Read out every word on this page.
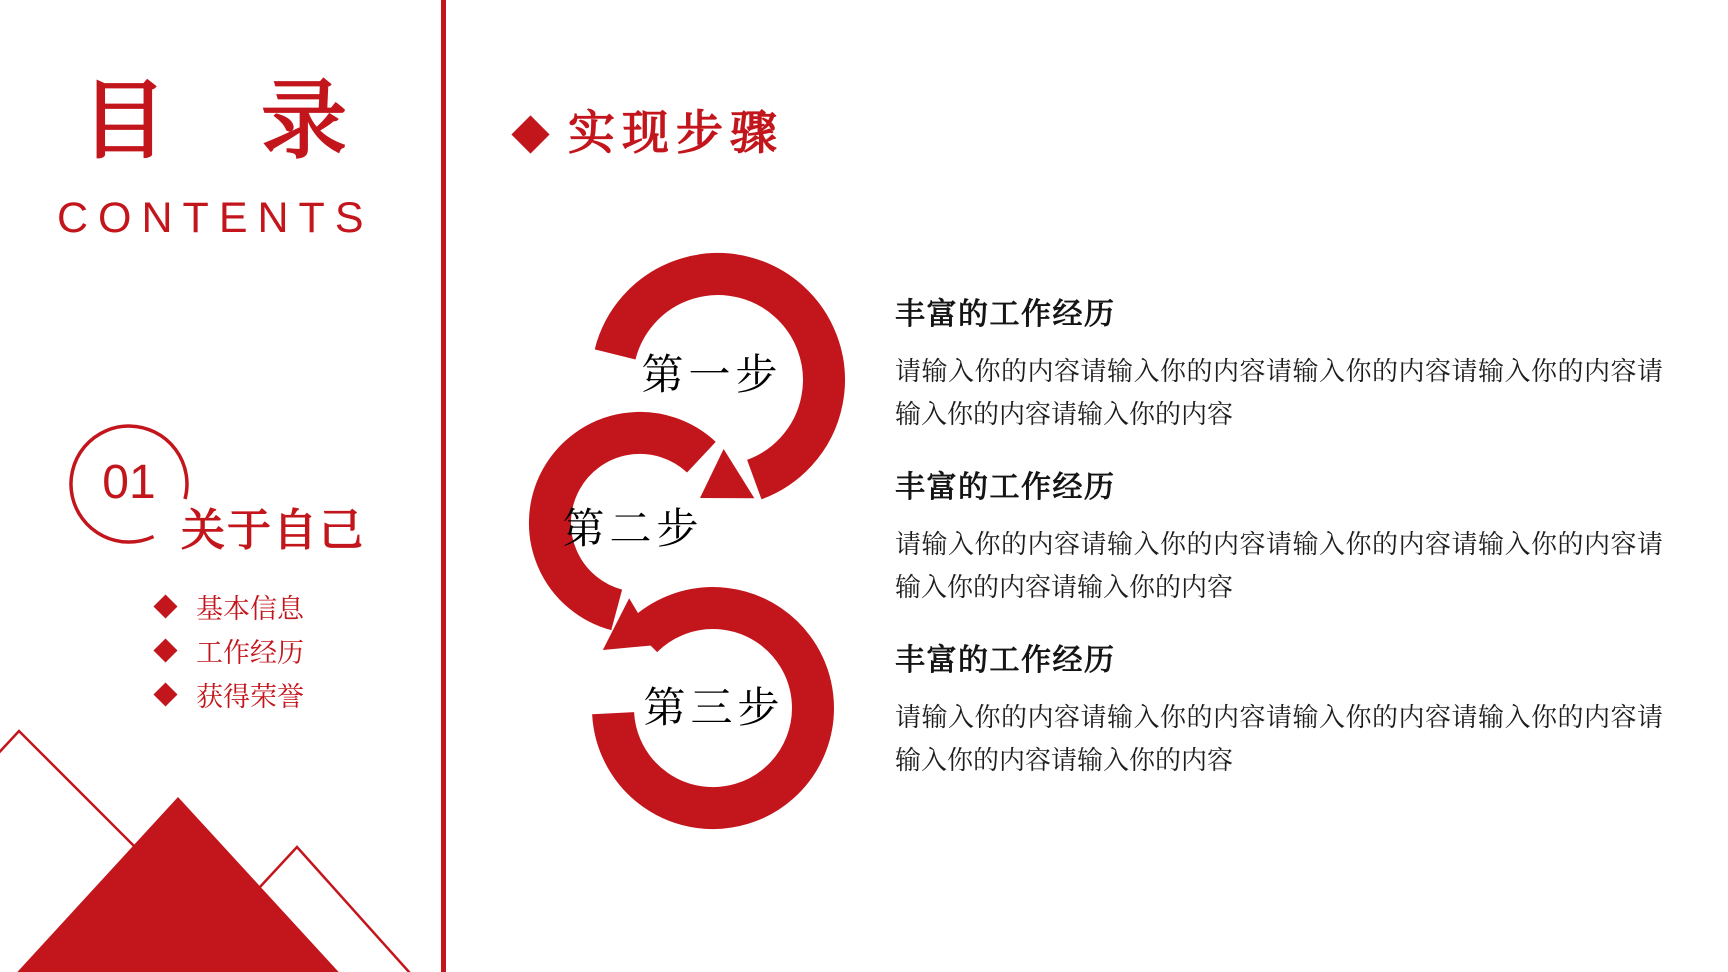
目 录
CONTENTS
01
关于自己
基本信息
工作经历
获得荣誉
实现步骤
第一步
第二步
第三步
丰富的工作经历
请输入你的内容请输入你的内容请输入你的内容请输入你的内容请输入你的内容请输入你的内容
丰富的工作经历
请输入你的内容请输入你的内容请输入你的内容请输入你的内容请输入你的内容请输入你的内容
丰富的工作经历
请输入你的内容请输入你的内容请输入你的内容请输入你的内容请输入你的内容请输入你的内容
